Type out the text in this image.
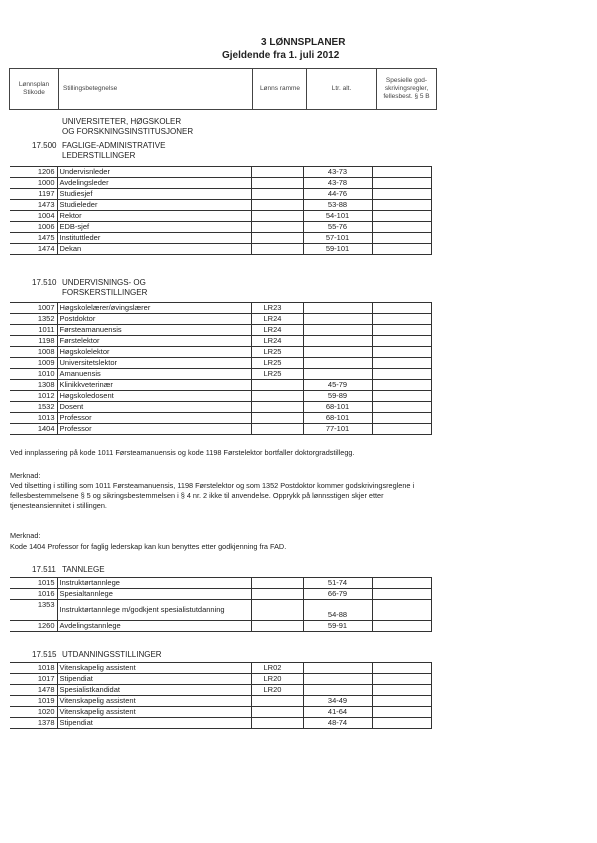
3 LØNNSPLANER
Gjeldende fra 1. juli 2012
Lønnsplan Stikode
Stillingsbetegnelse	Lønns ramme	Ltr. alt.
Spesielle god-skrivingsregler, fellesbest. § 5 B
UNIVERSITETER, HØGSKOLER
OG FORSKNINGSINSTITUSJONER
17.500 FAGLIGE-ADMINISTRATIVE
LEDERSTILLINGER
1206	Undervisnleder		43-73	
1000	Avdelingsleder		43-78	
1197	Studiesjef		44-76	
1473	Studieleder		53-88	
1004	Rektor		54-101	
1006	EDB-sjef		55-76	
1475	Instituttleder		57-101	
1474	Dekan		59-101	
17.510 UNDERVISNINGS- OG
FORSKERSTILLINGER
1007	Høgskolelærer/øvingslærer	LR23		
1352	Postdoktor	LR24		
1011	Førsteamanuensis	LR24		
1198	Førstelektor	LR24		
1008	Høgskolelektor	LR25		
1009	Universitetslektor	LR25		
1010	Amanuensis	LR25		
1308	Klinikkveterinær		45-79	
1012	Høgskoledosent		59-89	
1532	Dosent		68-101	
1013	Professor		68-101	
1404	Professor		77-101	
Ved innplassering på kode 1011 Førsteamanuensis og kode 1198 Førstelektor bortfaller doktorgradstillegg.
Merknad:
Ved tilsetting i stilling som 1011 Førsteamanuensis, 1198 Førstelektor og som 1352 Postdoktor kommer godskrivingsreglene i fellesbestemmelsene § 5 og sikringsbestemmelsen i § 4 nr. 2 ikke til anvendelse. Opprykk på lønnsstigen skjer etter tjenesteansiennitet i stillingen.
Merknad:
Kode 1404 Professor for faglig lederskap kan kun benyttes etter godkjenning fra FAD.
17.511 TANNLEGE
1015	Instruktørtannlege		51-74	
1016	Spesialtannlege		66-79	
1353	Instruktørtannlege m/godkjent spesialistutdanning		54-88	
1260	Avdelingstannlege		59-91	
17.515 UTDANNINGSSTILLINGER
1018	Vitenskapelig assistent	LR02		
1017	Stipendiat	LR20		
1478	Spesialistkandidat	LR20		
1019	Vitenskapelig assistent		34-49	
1020	Vitenskapelig assistent		41-64	
1378	Stipendiat		48-74	
